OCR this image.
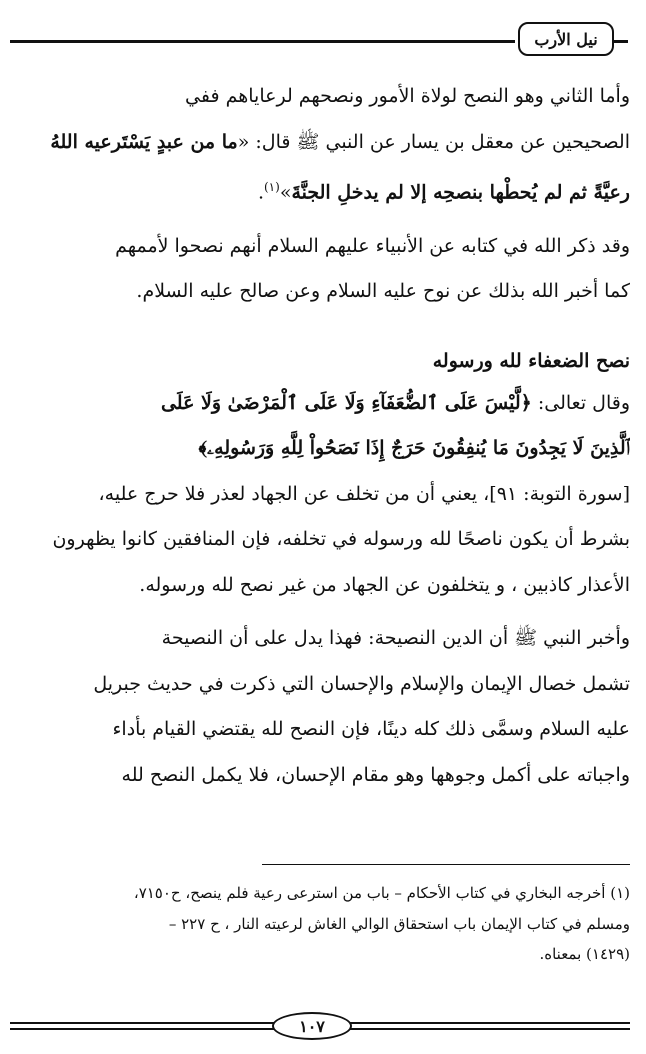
نيل الأرب

وأما الثاني وهو النصح لولاة الأمور ونصحهم لرعاياهم ففي
الصحيحين عن معقل بن يسار عن النبي ﷺ قال: «ما من عبدٍ يَسْتَرعيه اللهُ
رعيَّةً ثم لم يُحطْها بنصحِه إلا لم يدخلِ الجنَّةَ»$^{(١)}$.

وقد ذكر الله في كتابه عن الأنبياء عليهم السلام أنهم نصحوا لأممهم
كما أخبر الله بذلك عن نوح عليه السلام وعن صالح عليه السلام.

نصح الضعفاء لله ورسوله

وقال تعالى: ﴿لَّيْسَ عَلَى ٱلضُّعَفَآءِ وَلَا عَلَى ٱلْمَرْضَىٰ وَلَا عَلَى
ٱلَّذِينَ لَا يَجِدُونَ مَا يُنفِقُونَ حَرَجٌ إِذَا نَصَحُواْ لِلَّهِ وَرَسُولِهِۦ﴾
[سورة التوبة: ٩١]، يعني أن من تخلف عن الجهاد لعذر فلا حرج عليه،
بشرط أن يكون ناصحًا لله ورسوله في تخلفه، فإن المنافقين كانوا يظهرون
الأعذار كاذبين ، و يتخلفون عن الجهاد من غير نصح لله ورسوله.

وأخبر النبي ﷺ أن الدين النصيحة: فهذا يدل على أن النصيحة
تشمل خصال الإيمان والإسلام والإحسان التي ذكرت في حديث جبريل
عليه السلام وسمَّى ذلك كله دينًا، فإن النصح لله يقتضي القيام بأداء
واجباته على أكمل وجوهها وهو مقام الإحسان، فلا يكمل النصح لله

(١) أخرجه البخاري في كتاب الأحكام – باب من استرعى رعية فلم ينصح، ح٧١٥٠،
ومسلم في كتاب الإيمان باب استحقاق الوالي الغاش لرعيته النار ، ح ٢٢٧ –
(١٤٢٩) بمعناه.
١٠٧
